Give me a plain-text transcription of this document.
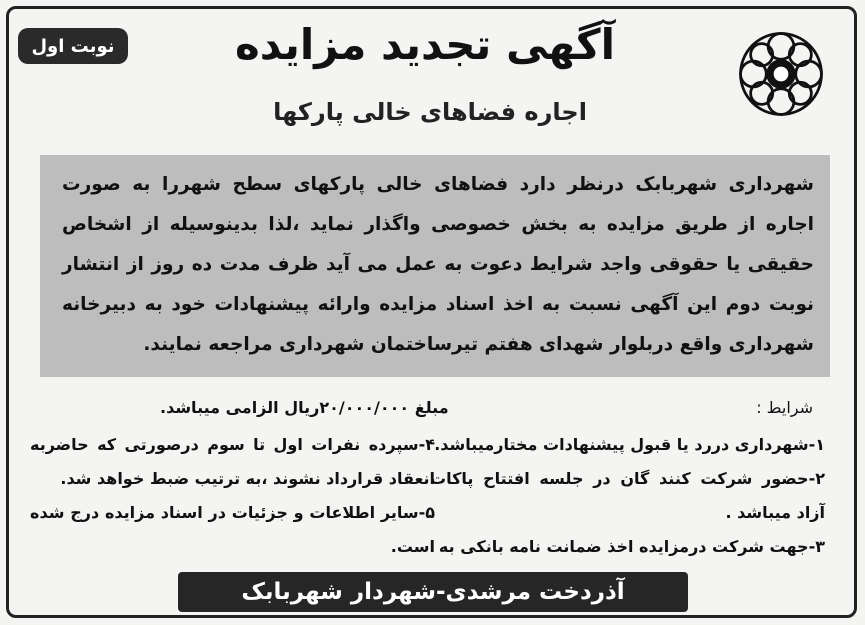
نوبت اول	آگهی تجدید مزایده
اجاره فضاهای خالی پارکها
شهرداری شهربابک درنظر دارد فضاهای خالی پارکهای سطح شهررا به صورت اجاره از طریق مزایده به بخش خصوصی واگذار نماید ،لذا بدینوسیله از اشخاص حقیقی یا حقوقی واجد شرایط دعوت به عمل می آید ظرف مدت ده روز از انتشار نوبت دوم این آگهی نسبت به اخذ اسناد مزایده وارائه پیشنهادات خود به دبیرخانه شهرداری واقع دربلوار شهدای هفتم تیرساختمان شهرداری مراجعه نمایند.
شرایط :
مبلغ ۲۰/۰۰۰/۰۰۰ریال الزامی میباشد.

۱-شهرداری دررد یا قبول پیشنهادات مختارمیباشد.

۲-حضور شرکت کنند گان در جلسه افتتاح پاکات آزاد میباشد .

۳-جهت شرکت درمزایده اخذ ضمانت نامه بانکی به

۴-سپرده نفرات اول تا سوم درصورتی که حاضربه انعقاد قرارداد نشوند ،به ترتیب ضبط خواهد شد.

۵-سایر اطلاعات و جزئیات در اسناد مزایده درج شده است.

آذردخت مرشدی-شهردار شهربابک
